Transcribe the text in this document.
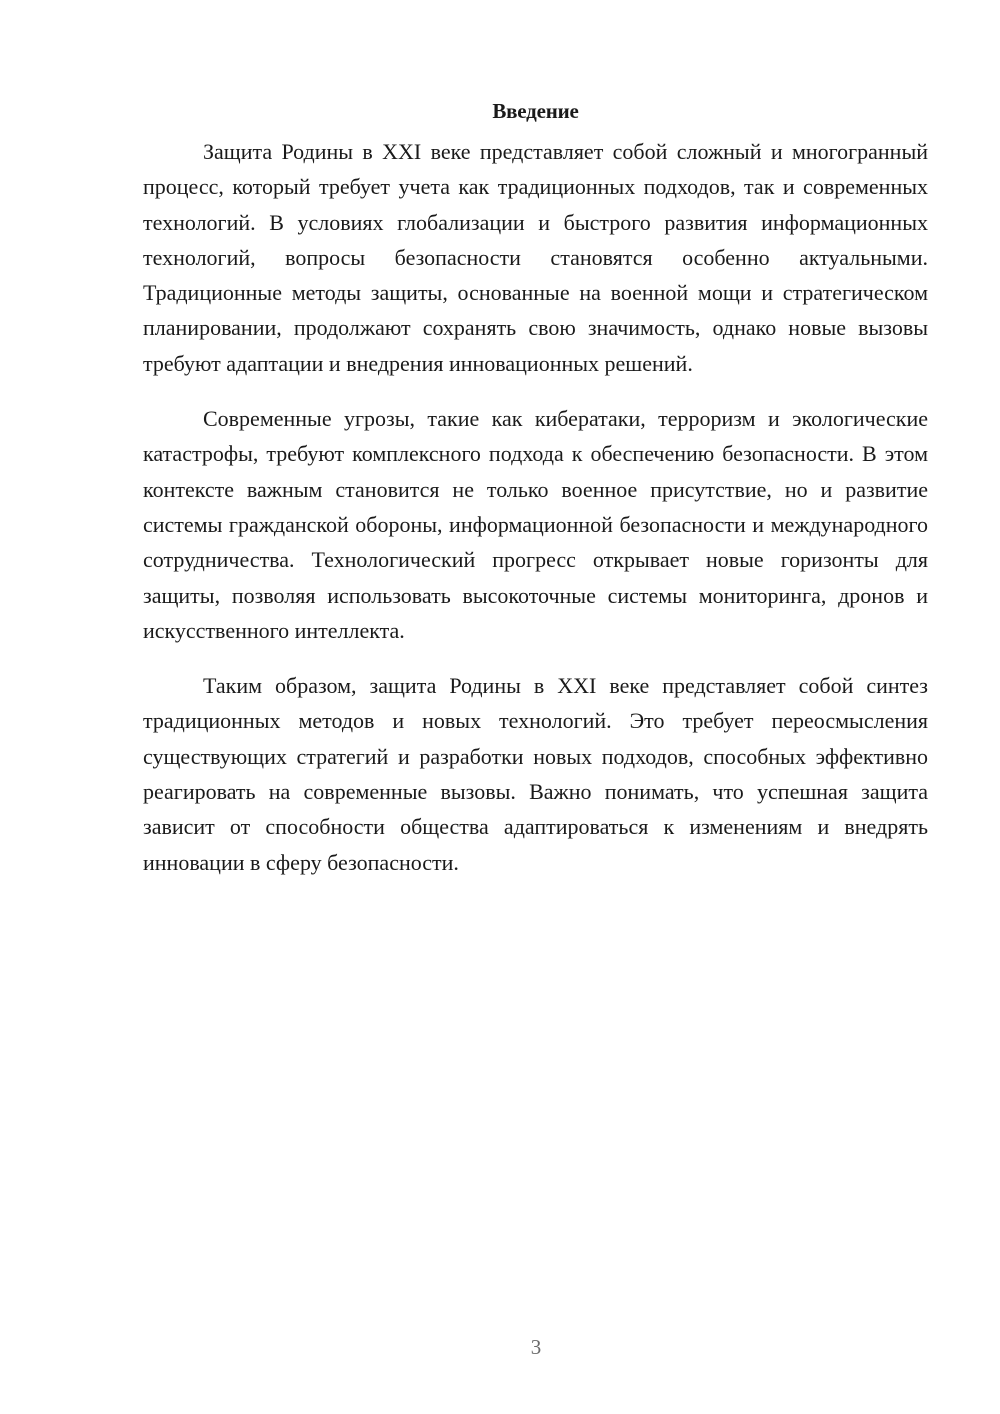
Введение

Защита Родины в XXI веке представляет собой сложный и многогранный процесс, который требует учета как традиционных подходов, так и современных технологий. В условиях глобализации и быстрого развития информационных технологий, вопросы безопасности становятся особенно актуальными. Традиционные методы защиты, основанные на военной мощи и стратегическом планировании, продолжают сохранять свою значимость, однако новые вызовы требуют адаптации и внедрения инновационных решений.

Современные угрозы, такие как кибератаки, терроризм и экологические катастрофы, требуют комплексного подхода к обеспечению безопасности. В этом контексте важным становится не только военное присутствие, но и развитие системы гражданской обороны, информационной безопасности и международного сотрудничества. Технологический прогресс открывает новые горизонты для защиты, позволяя использовать высокоточные системы мониторинга, дронов и искусственного интеллекта.

Таким образом, защита Родины в XXI веке представляет собой синтез традиционных методов и новых технологий. Это требует переосмысления существующих стратегий и разработки новых подходов, способных эффективно реагировать на современные вызовы. Важно понимать, что успешная защита зависит от способности общества адаптироваться к изменениям и внедрять инновации в сферу безопасности.

3
